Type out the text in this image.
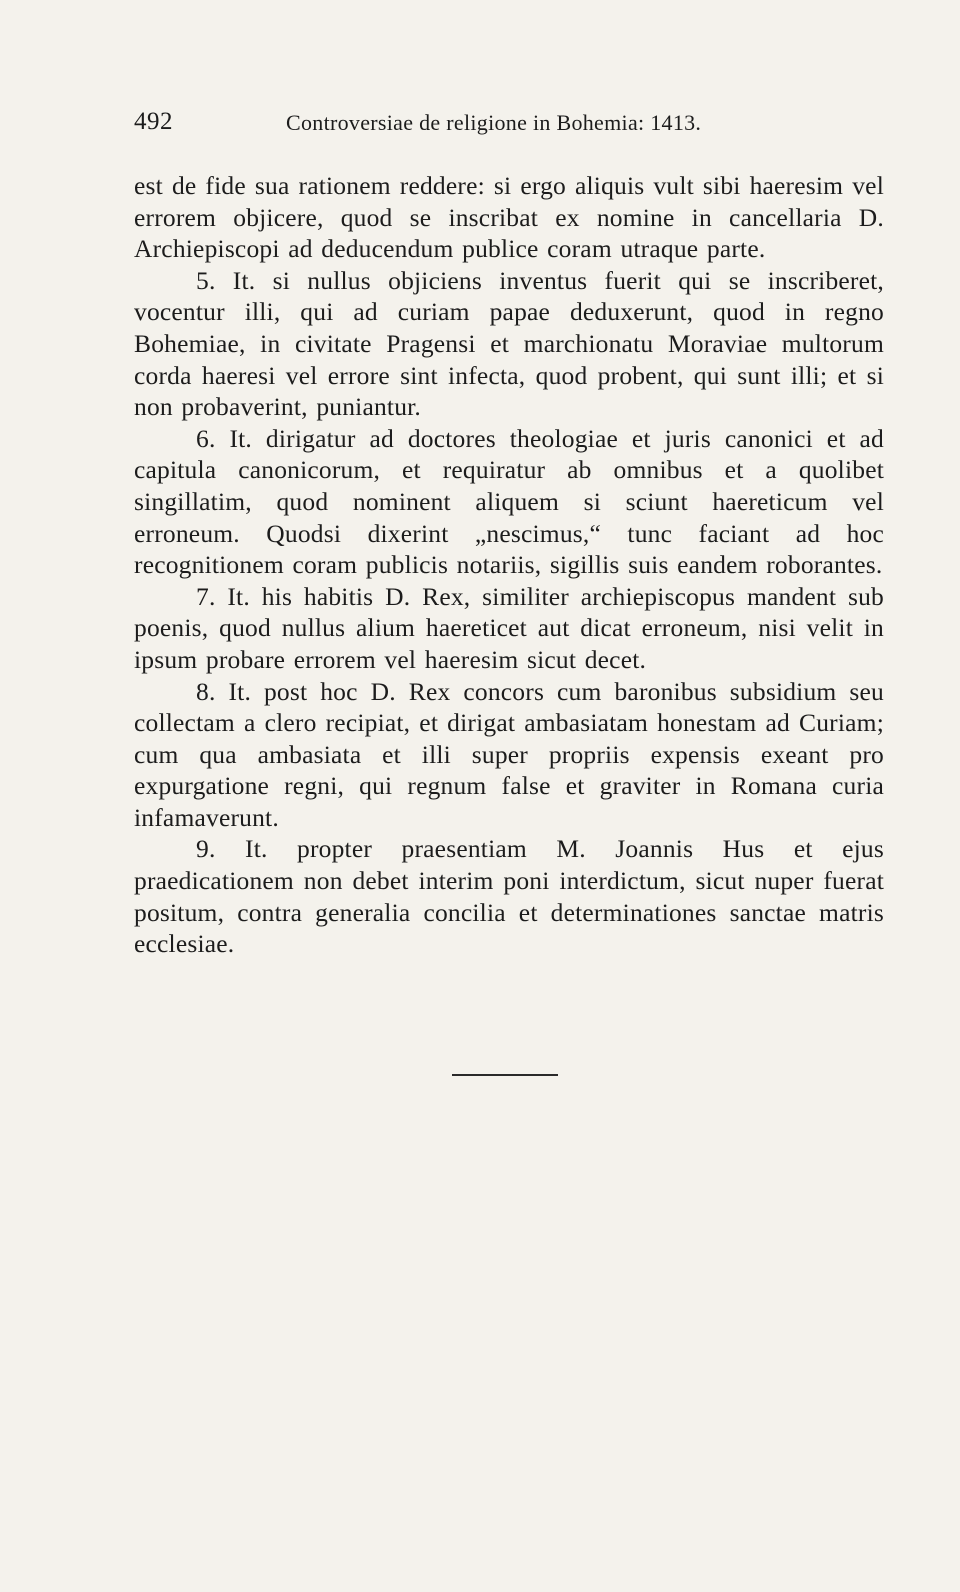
492	Controversiae de religione in Bohemia: 1413.

est de fide sua rationem reddere: si ergo aliquis vult sibi haeresim vel errorem objicere, quod se inscribat ex nomine in cancellaria D. Archiepiscopi ad deducendum publice coram utraque parte.

5. It. si nullus objiciens inventus fuerit qui se inscriberet, vocentur illi, qui ad curiam papae deduxerunt, quod in regno Bohemiae, in civitate Pragensi et marchionatu Moraviae multorum corda haeresi vel errore sint infecta, quod probent, qui sunt illi; et si non probaverint, puniantur.

6. It. dirigatur ad doctores theologiae et juris canonici et ad capitula canonicorum, et requiratur ab omnibus et a quolibet singillatim, quod nominent aliquem si sciunt haereticum vel erroneum. Quodsi dixerint „nescimus,“ tunc faciant ad hoc recognitionem coram publicis notariis, sigillis suis eandem roborantes.

7. It. his habitis D. Rex, similiter archiepiscopus mandent sub poenis, quod nullus alium haereticet aut dicat erroneum, nisi velit in ipsum probare errorem vel haeresim sicut decet.

8. It. post hoc D. Rex concors cum baronibus subsidium seu collectam a clero recipiat, et dirigat ambasiatam honestam ad Curiam; cum qua ambasiata et illi super propriis expensis exeant pro expurgatione regni, qui regnum false et graviter in Romana curia infamaverunt.

9. It. propter praesentiam M. Joannis Hus et ejus praedicationem non debet interim poni interdictum, sicut nuper fuerat positum, contra generalia concilia et determinationes sanctae matris ecclesiae.
